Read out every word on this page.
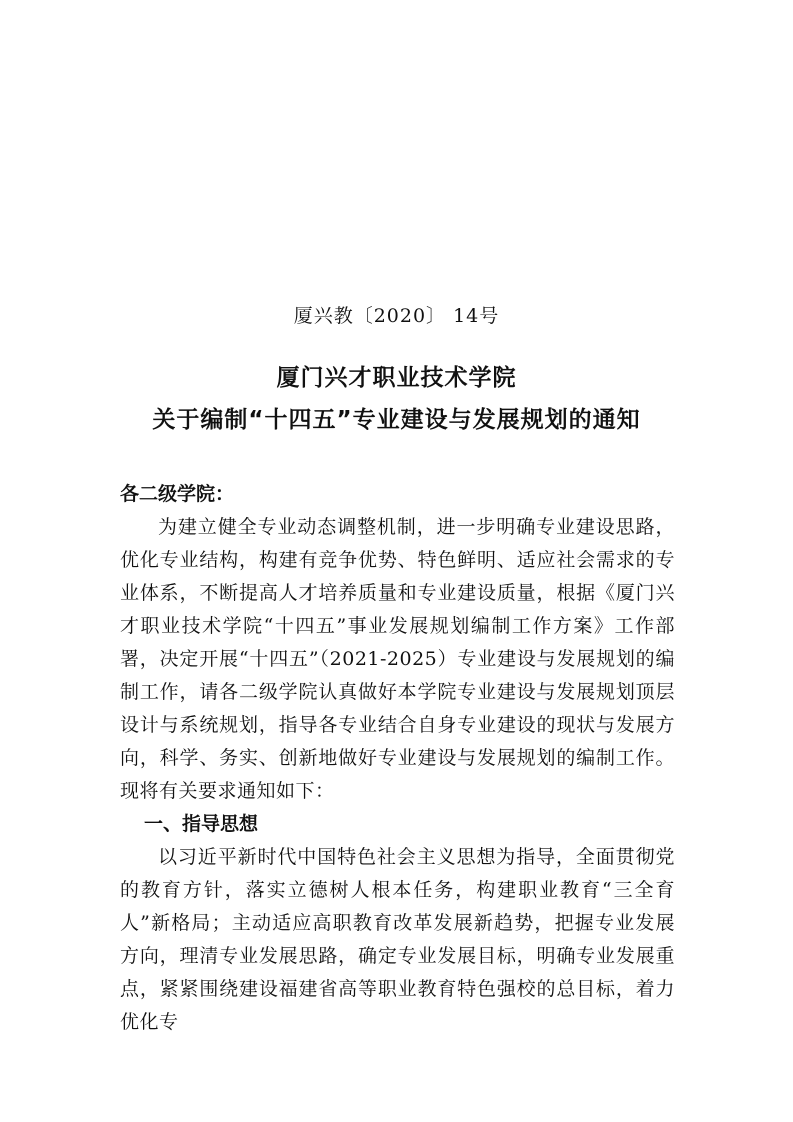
厦兴教〔2020〕 14号
厦门兴才职业技术学院
关于编制“十四五”专业建设与发展规划的通知

各二级学院：

为建立健全专业动态调整机制，进一步明确专业建设思路，优化专业结构，构建有竞争优势、特色鲜明、适应社会需求的专业体系，不断提高人才培养质量和专业建设质量，根据《厦门兴才职业技术学院“十四五”事业发展规划编制工作方案》工作部署，决定开展“十四五”（2021-2025）专业建设与发展规划的编制工作，请各二级学院认真做好本学院专业建设与发展规划顶层设计与系统规划，指导各专业结合自身专业建设的现状与发展方向，科学、务实、创新地做好专业建设与发展规划的编制工作。现将有关要求通知如下：

一、指导思想

以习近平新时代中国特色社会主义思想为指导，全面贯彻党的教育方针，落实立德树人根本任务，构建职业教育“三全育人”新格局；主动适应高职教育改革发展新趋势，把握专业发展方向，理清专业发展思路，确定专业发展目标，明确专业发展重点，紧紧围绕建设福建省高等职业教育特色强校的总目标，着力优化专
